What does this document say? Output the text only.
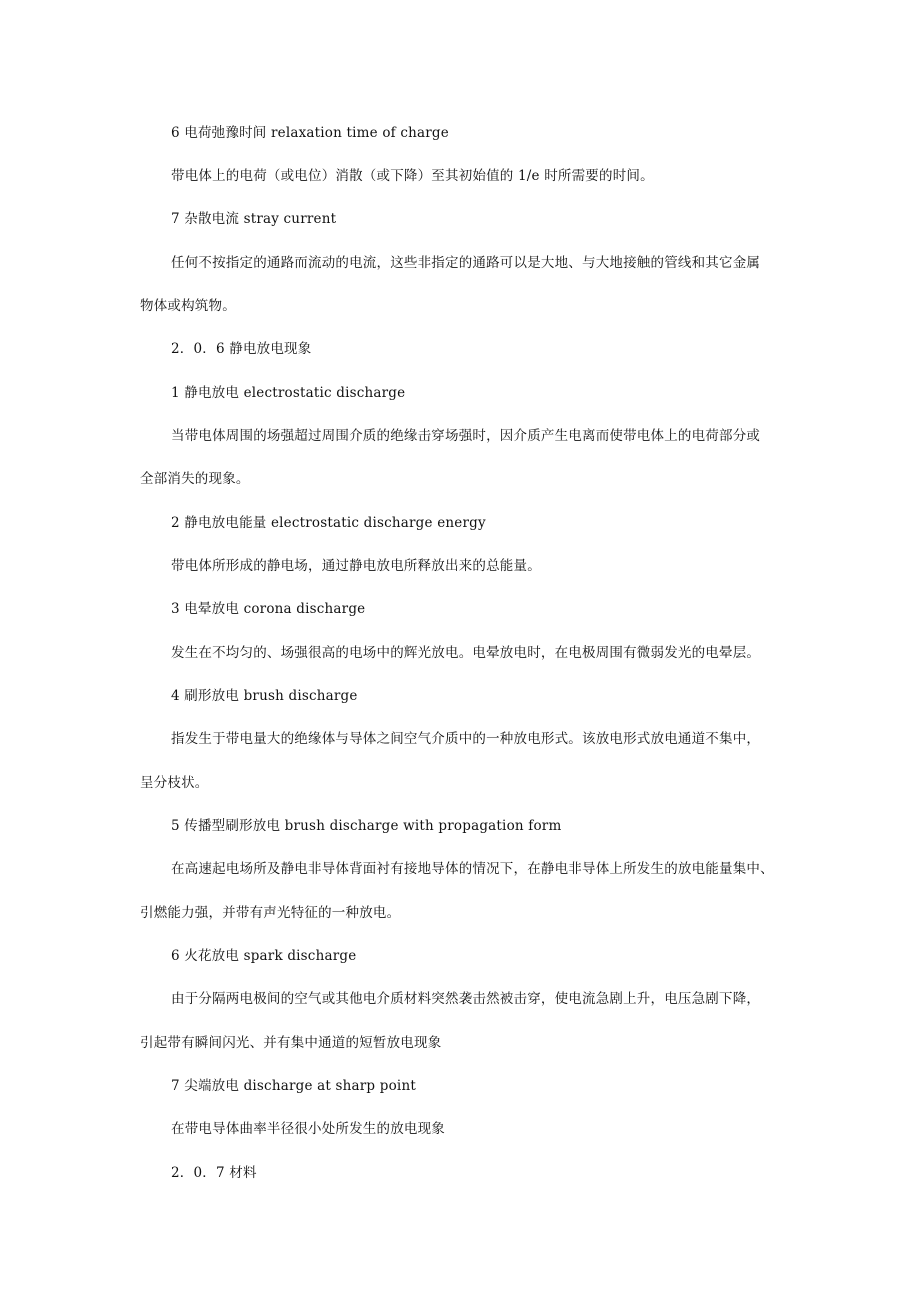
6 电荷弛豫时间 relaxation time of charge
带电体上的电荷（或电位）消散（或下降）至其初始值的 1/e 时所需要的时间。
7 杂散电流 stray current
任何不按指定的通路而流动的电流，这些非指定的通路可以是大地、与大地接触的管线和其它金属
物体或构筑物。
2．0．6 静电放电现象
1 静电放电 electrostatic discharge
当带电体周围的场强超过周围介质的绝缘击穿场强时，因介质产生电离而使带电体上的电荷部分或
全部消失的现象。
2 静电放电能量 electrostatic discharge energy
带电体所形成的静电场，通过静电放电所释放出来的总能量。
3 电晕放电 corona discharge
发生在不均匀的、场强很高的电场中的辉光放电。电晕放电时，在电极周围有微弱发光的电晕层。
4 刷形放电 brush discharge
指发生于带电量大的绝缘体与导体之间空气介质中的一种放电形式。该放电形式放电通道不集中，
呈分枝状。
5 传播型刷形放电 brush discharge with propagation form
在高速起电场所及静电非导体背面衬有接地导体的情况下，在静电非导体上所发生的放电能量集中、
引燃能力强，并带有声光特征的一种放电。
6 火花放电 spark discharge
由于分隔两电极间的空气或其他电介质材料突然袭击然被击穿，使电流急剧上升，电压急剧下降，
引起带有瞬间闪光、并有集中通道的短暂放电现象
7 尖端放电 discharge at sharp point
在带电导体曲率半径很小处所发生的放电现象
2．0．7 材料
